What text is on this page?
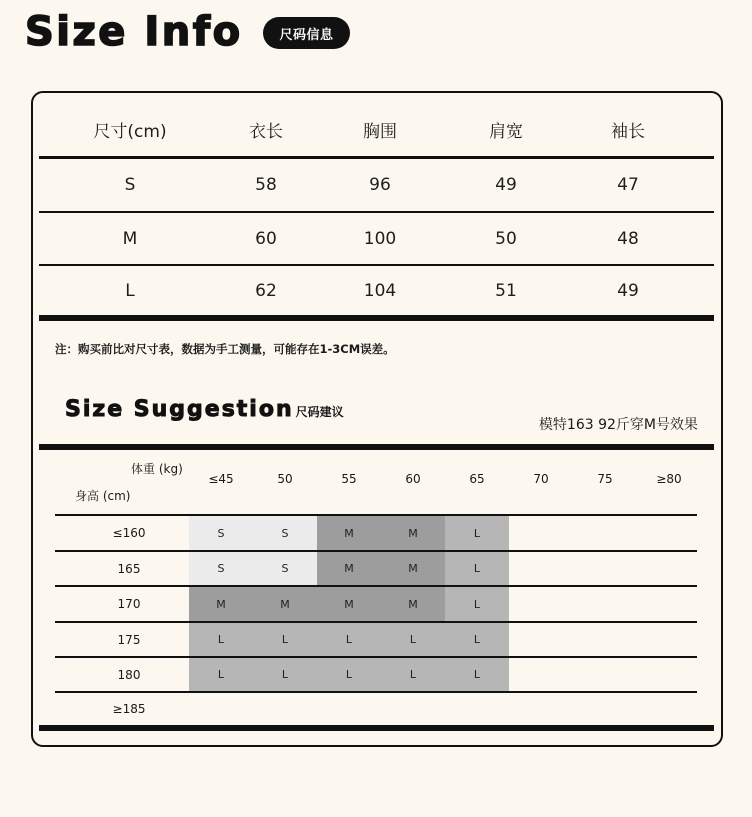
Size Info	尺码信息
尺寸(cm)	衣长	胸围	肩宽	袖长
S	58	96	49	47
M	60	100	50	48
L	62	104	51	49
注：购买前比对尺寸表，数据为手工测量，可能存在1-3CM误差。
Size Suggestion 尺码建议
模特163 92斤穿M号效果
体重 (kg)
身高 (cm)
≤45	50	55	60	65	70	75	≥80
≤160	S	S	M	M	L
165	S	S	M	M	L
170	M	M	M	M	L
175	L	L	L	L	L
180	L	L	L	L	L
≥185
